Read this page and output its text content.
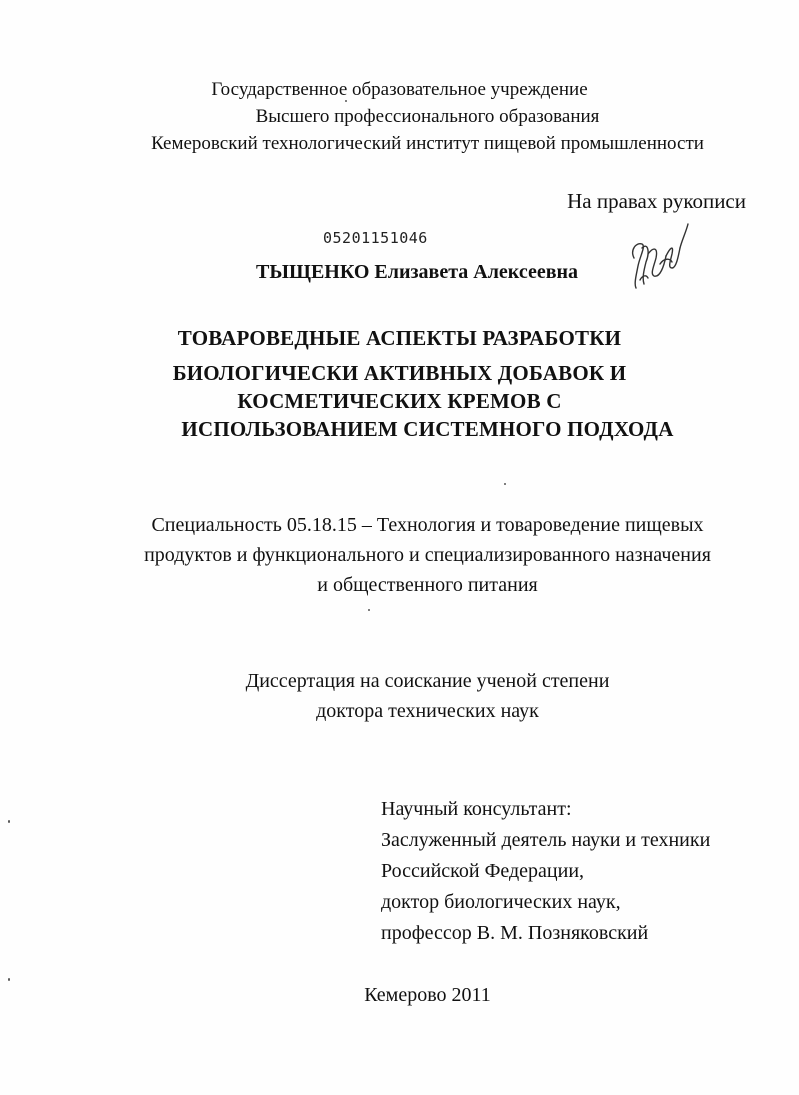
Государственное образовательное учреждение
Высшего профессионального образования
Кемеровский технологический институт пищевой промышленности
На правах рукописи
05201151046
ТЫЩЕНКО Елизавета Алексеевна
ТОВАРОВЕДНЫЕ АСПЕКТЫ РАЗРАБОТКИ
БИОЛОГИЧЕСКИ АКТИВНЫХ ДОБАВОК И
КОСМЕТИЧЕСКИХ КРЕМОВ С
ИСПОЛЬЗОВАНИЕМ СИСТЕМНОГО ПОДХОДА
Специальность 05.18.15 – Технология и товароведение пищевых
продуктов и функционального и специализированного назначения
и общественного питания
Диссертация на соискание ученой степени
доктора технических наук
Научный консультант:
Заслуженный деятель науки и техники
Российской Федерации,
доктор биологических наук,
профессор В. М. Позняковский
Кемерово 2011
